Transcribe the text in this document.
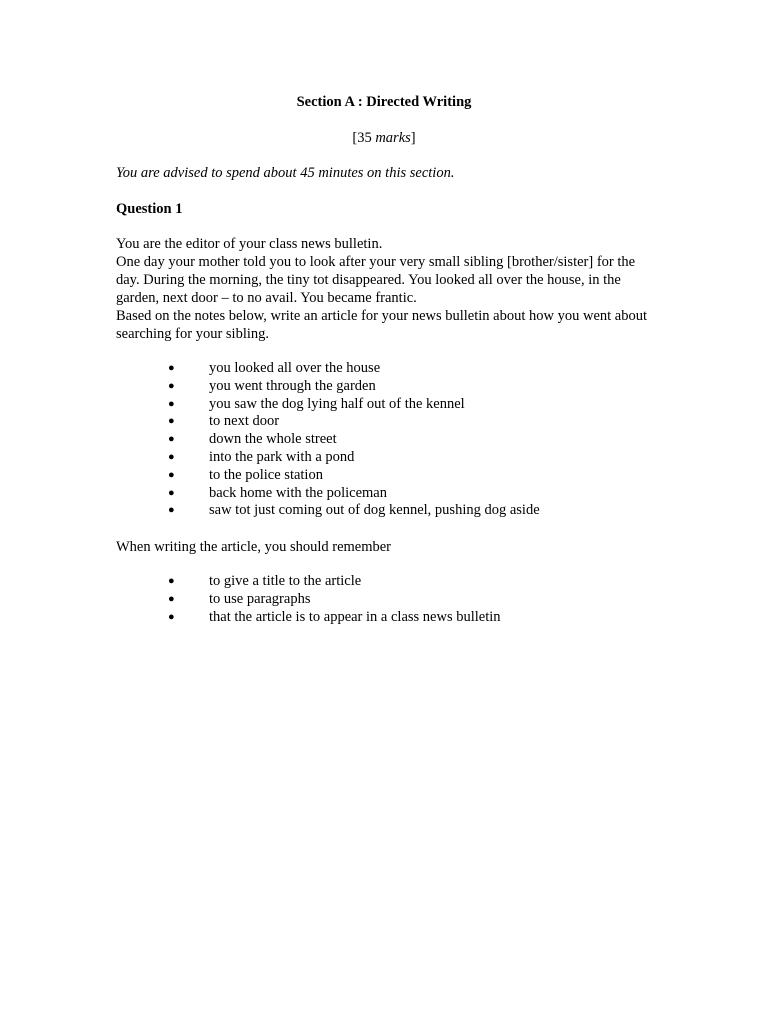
Section A : Directed Writing
[35 marks]
You are advised to spend about 45 minutes on this section.
Question 1

You are the editor of your class news bulletin.

One day your mother told you to look after your very small sibling [brother/sister] for the day. During the morning, the tiny tot disappeared. You looked all over the house, in the garden, next door – to no avail. You became frantic.

Based on the notes below, write an article for your news bulletin about how you went about searching for your sibling.

● you looked all over the house
● you went through the garden
● you saw the dog lying half out of the kennel
● to next door
● down the whole street
● into the park with a pond
● to the police station
● back home with the policeman
● saw tot just coming out of dog kennel, pushing dog aside
When writing the article, you should remember
● to give a title to the article
● to use paragraphs
● that the article is to appear in a class news bulletin
